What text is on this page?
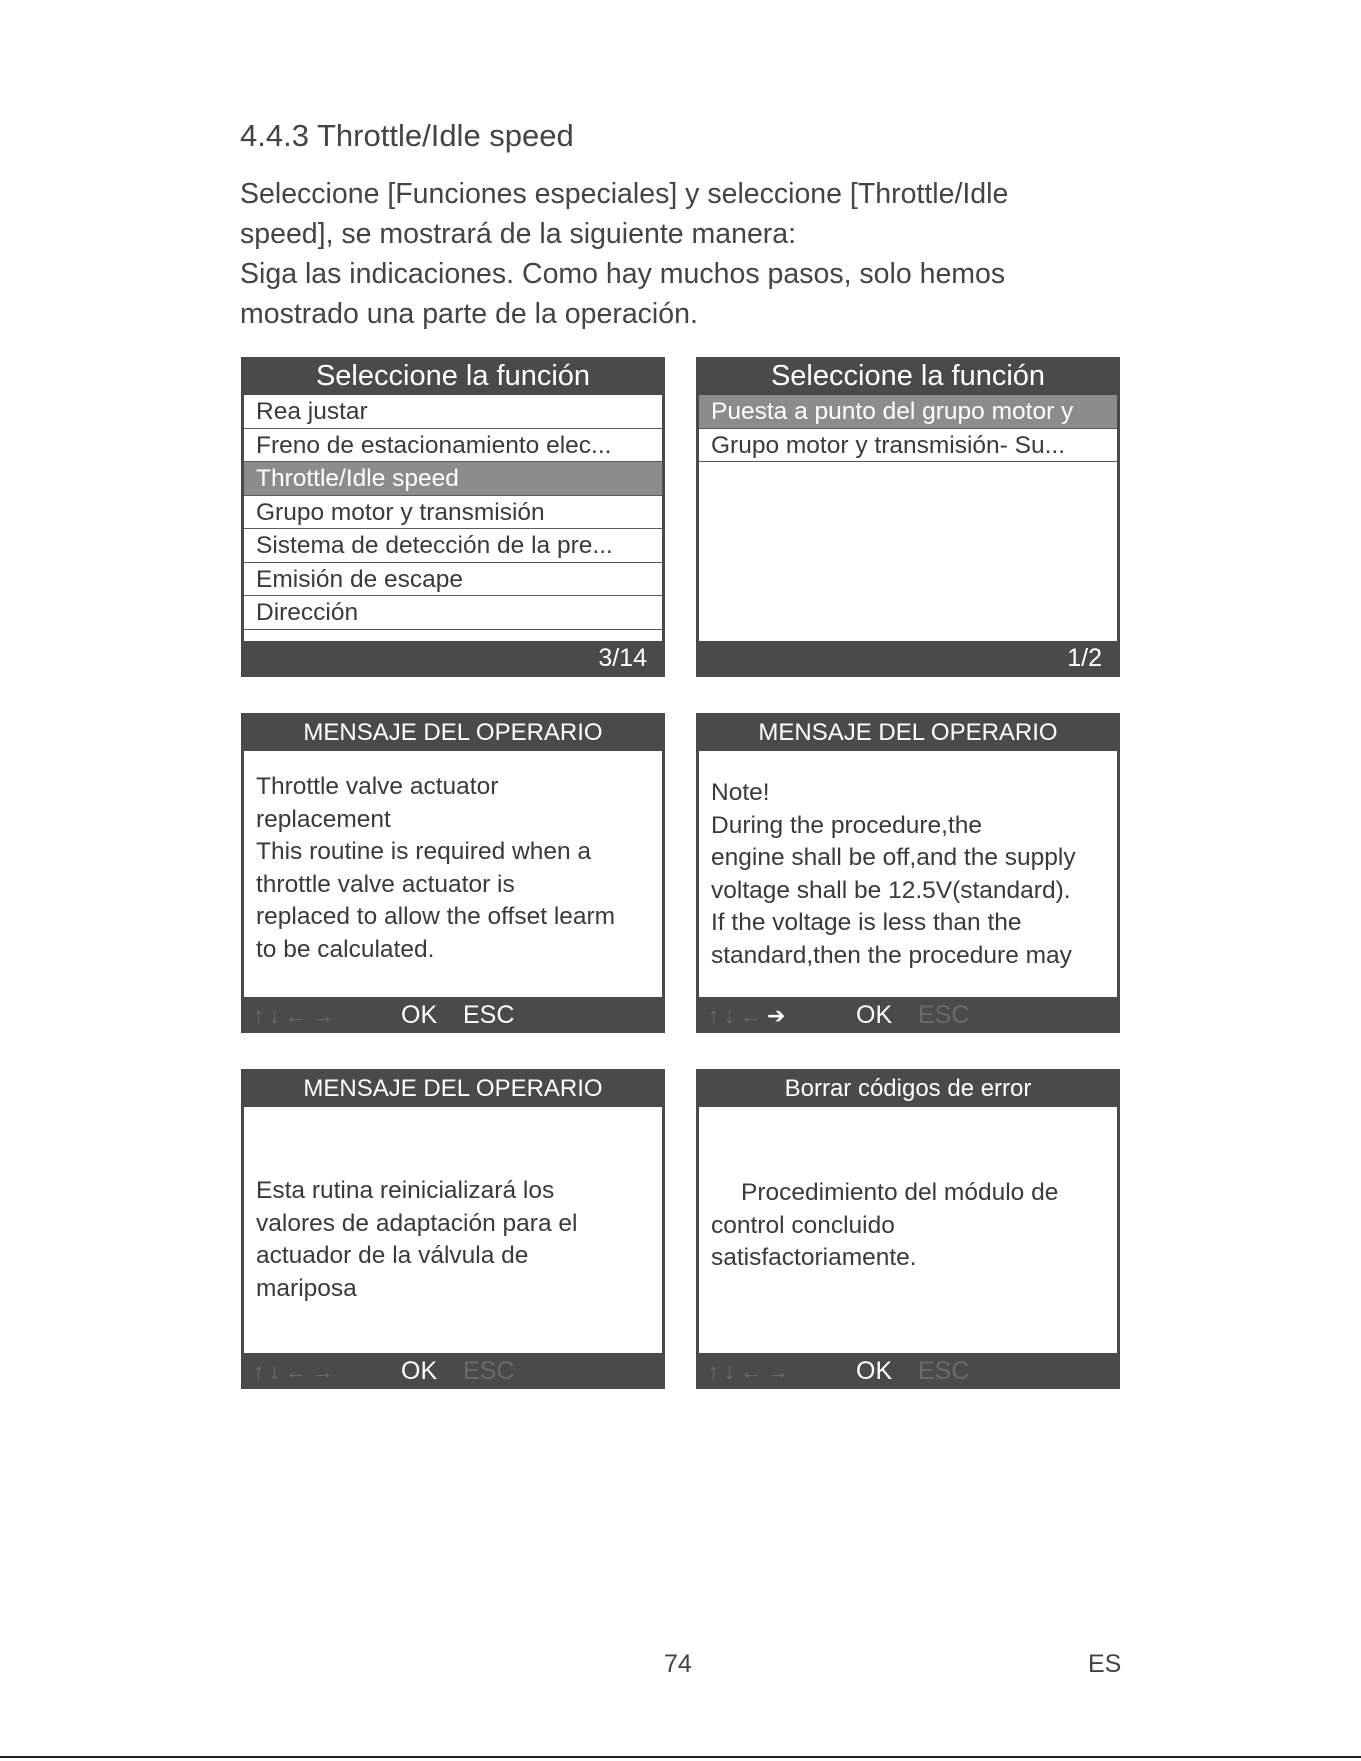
4.4.3 Throttle/Idle speed

Seleccione [Funciones especiales] y seleccione [Throttle/Idle

speed], se mostrará de la siguiente manera:

Siga las indicaciones. Como hay muchos pasos, solo hemos

mostrado una parte de la operación.

Seleccione la función
Rea justar
Freno de estacionamiento elec...
Throttle/Idle speed
Grupo motor y transmisión
Sistema de detección de la pre...
Emisión de escape
Dirección
3/14
Seleccione la función
Puesta a punto del grupo motor y
Grupo motor y transmisión- Su...
1/2
MENSAJE DEL OPERARIO

Throttle valve actuator

replacement

This routine is required when a

throttle valve actuator is

replaced to allow the offset learm

to be calculated.

↑↓←→ OK ESC
MENSAJE DEL OPERARIO

Note!

During the procedure,the

engine shall be off,and the supply

voltage shall be 12.5V(standard).

If the voltage is less than the

standard,then the procedure may

↑↓←➔	OK ESC
MENSAJE DEL OPERARIO

Esta rutina reinicializará los

valores de adaptación para el

actuador de la válvula de

mariposa

↑↓←→ OK ESC
Borrar códigos de error

Procedimiento del módulo de

control concluido

satisfactoriamente.

↑↓←→ OK ESC
74	ES
